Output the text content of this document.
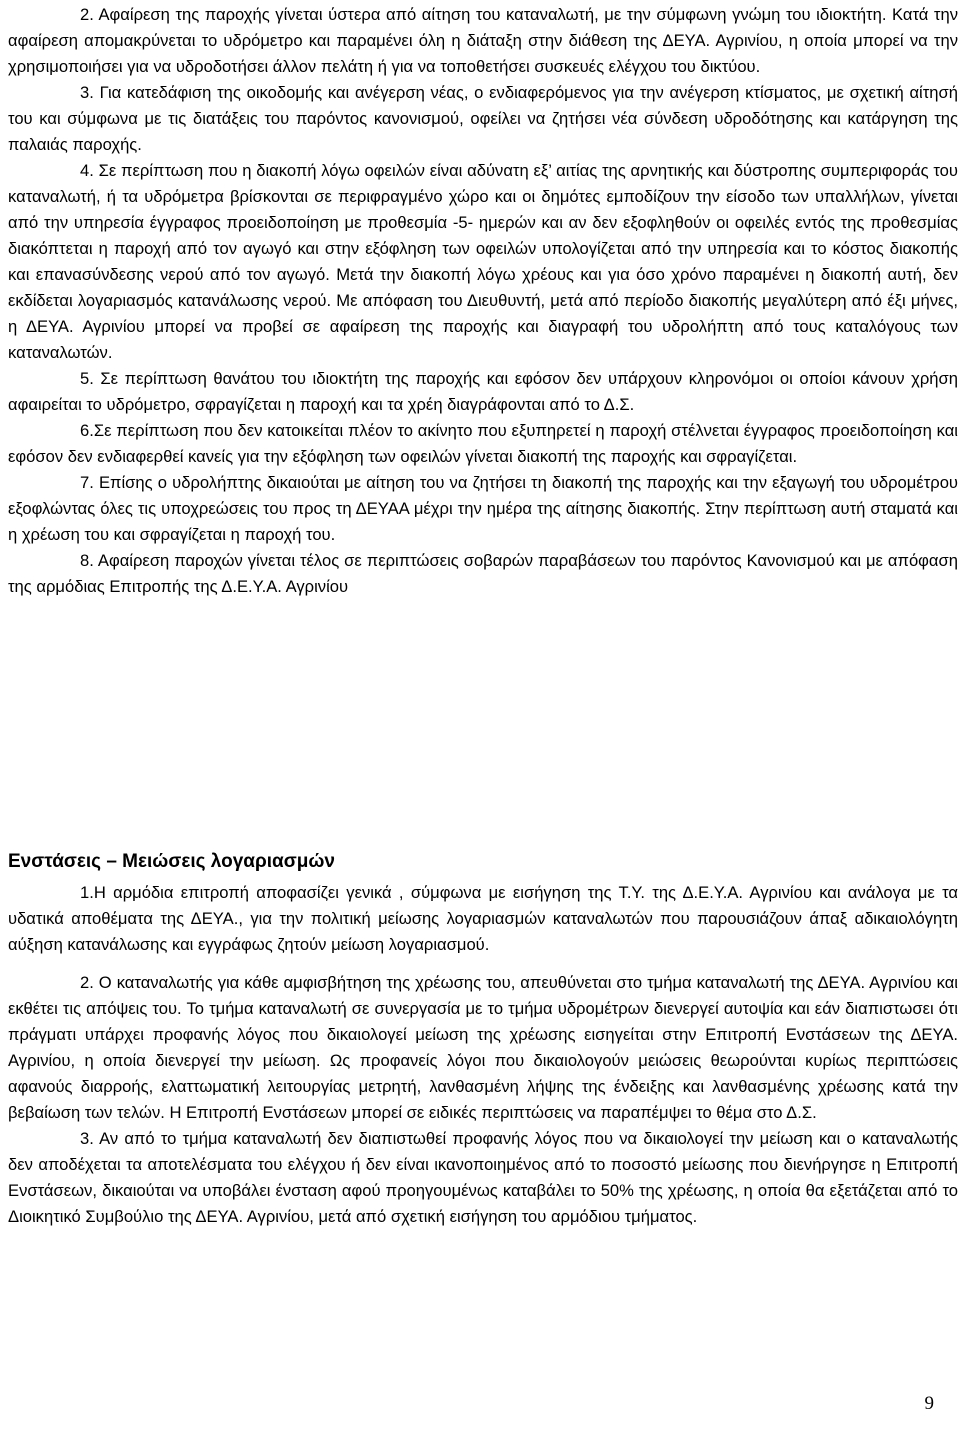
2. Αφαίρεση της παροχής γίνεται ύστερα από αίτηση του καταναλωτή, με την σύμφωνη γνώμη του ιδιοκτήτη. Κατά την αφαίρεση απομακρύνεται το υδρόμετρο και παραμένει όλη η διάταξη στην διάθεση της ΔΕΥΑ. Αγρινίου, η οποία μπορεί να την χρησιμοποιήσει για να υδροδοτήσει άλλον πελάτη ή για να τοποθετήσει συσκευές ελέγχου του δικτύου.

3. Για κατεδάφιση της οικοδομής και ανέγερση νέας, ο ενδιαφερόμενος για την ανέγερση κτίσματος, με σχετική αίτησή του και σύμφωνα με τις διατάξεις του παρόντος κανονισμού, οφείλει να ζητήσει νέα σύνδεση υδροδότησης και κατάργηση της παλαιάς παροχής.

4. Σε περίπτωση που η διακοπή λόγω οφειλών είναι αδύνατη εξ’ αιτίας της αρνητικής και δύστροπης συμπεριφοράς του καταναλωτή, ή τα υδρόμετρα βρίσκονται σε περιφραγμένο χώρο και οι δημότες εμποδίζουν την είσοδο των υπαλλήλων, γίνεται από την υπηρεσία έγγραφος προειδοποίηση με προθεσμία -5- ημερών και αν δεν εξοφληθούν οι οφειλές εντός της προθεσμίας διακόπτεται η παροχή από τον αγωγό και στην εξόφληση των οφειλών υπολογίζεται από την υπηρεσία και το κόστος διακοπής και επανασύνδεσης νερού από τον αγωγό. Μετά την διακοπή λόγω χρέους και για όσο χρόνο παραμένει η διακοπή αυτή, δεν εκδίδεται λογαριασμός κατανάλωσης νερού. Με απόφαση του Διευθυντή, μετά από περίοδο διακοπής μεγαλύτερη από έξι μήνες, η ΔΕΥΑ. Αγρινίου μπορεί να προβεί σε αφαίρεση της παροχής και διαγραφή του υδρολήπτη από τους καταλόγους των καταναλωτών.

5. Σε περίπτωση θανάτου του ιδιοκτήτη της παροχής και εφόσον δεν υπάρχουν κληρονόμοι οι οποίοι κάνουν χρήση αφαιρείται το υδρόμετρο, σφραγίζεται η παροχή και τα χρέη διαγράφονται από το Δ.Σ.

6.Σε περίπτωση που δεν κατοικείται πλέον το ακίνητο που εξυπηρετεί η παροχή στέλνεται έγγραφος προειδοποίηση και εφόσον δεν ενδιαφερθεί κανείς για την εξόφληση των οφειλών γίνεται διακοπή της παροχής και σφραγίζεται.

7. Επίσης ο υδρολήπτης δικαιούται με αίτηση του να ζητήσει τη διακοπή της παροχής και την εξαγωγή του υδρομέτρου εξοφλώντας όλες τις υποχρεώσεις του προς τη ΔΕΥΑΑ μέχρι την ημέρα της αίτησης διακοπής. Στην περίπτωση αυτή σταματά και η χρέωση του και σφραγίζεται η παροχή του.

8. Αφαίρεση παροχών γίνεται τέλος σε περιπτώσεις σοβαρών παραβάσεων του παρόντος Κανονισμού και με απόφαση της αρμόδιας Επιτροπής της Δ.Ε.Υ.Α. Αγρινίου

Ενστάσεις – Μειώσεις λογαριασμών

1.Η αρμόδια επιτροπή αποφασίζει γενικά , σύμφωνα με εισήγηση της Τ.Υ. της Δ.Ε.Υ.Α. Αγρινίου και ανάλογα με τα υδατικά αποθέματα της ΔΕΥΑ., για την πολιτική μείωσης λογαριασμών καταναλωτών που παρουσιάζουν άπαξ αδικαιολόγητη αύξηση κατανάλωσης και εγγράφως ζητούν μείωση λογαριασμού.

2. Ο καταναλωτής για κάθε αμφισβήτηση της χρέωσης του, απευθύνεται στο τμήμα καταναλωτή της ΔΕΥΑ. Αγρινίου και εκθέτει τις απόψεις του. Το τμήμα καταναλωτή σε συνεργασία με το τμήμα υδρομέτρων διενεργεί αυτοψία και εάν διαπιστωσει ότι πράγματι υπάρχει προφανής λόγος που δικαιολογεί μείωση της χρέωσης εισηγείται στην Επιτροπή Ενστάσεων της ΔΕΥΑ. Αγρινίου, η οποία διενεργεί την μείωση. Ως προφανείς λόγοι που δικαιολογούν μειώσεις θεωρούνται κυρίως περιπτώσεις αφανούς διαρροής, ελαττωματική λειτουργίας μετρητή, λανθασμένη λήψης της ένδειξης και λανθασμένης χρέωσης κατά την βεβαίωση των τελών. Η Επιτροπή Ενστάσεων μπορεί σε ειδικές περιπτώσεις να παραπέμψει το θέμα στο Δ.Σ.

3. Αν από το τμήμα καταναλωτή δεν διαπιστωθεί προφανής λόγος που να δικαιολογεί την μείωση και ο καταναλωτής δεν αποδέχεται τα αποτελέσματα του ελέγχου ή δεν είναι ικανοποιημένος από το ποσοστό μείωσης που διενήργησε η Επιτροπή Ενστάσεων, δικαιούται να υποβάλει ένσταση αφού προηγουμένως καταβάλει το 50% της χρέωσης, η οποία θα εξετάζεται από το Διοικητικό Συμβούλιο της ΔΕΥΑ. Αγρινίου, μετά από σχετική εισήγηση του αρμόδιου τμήματος.

9
